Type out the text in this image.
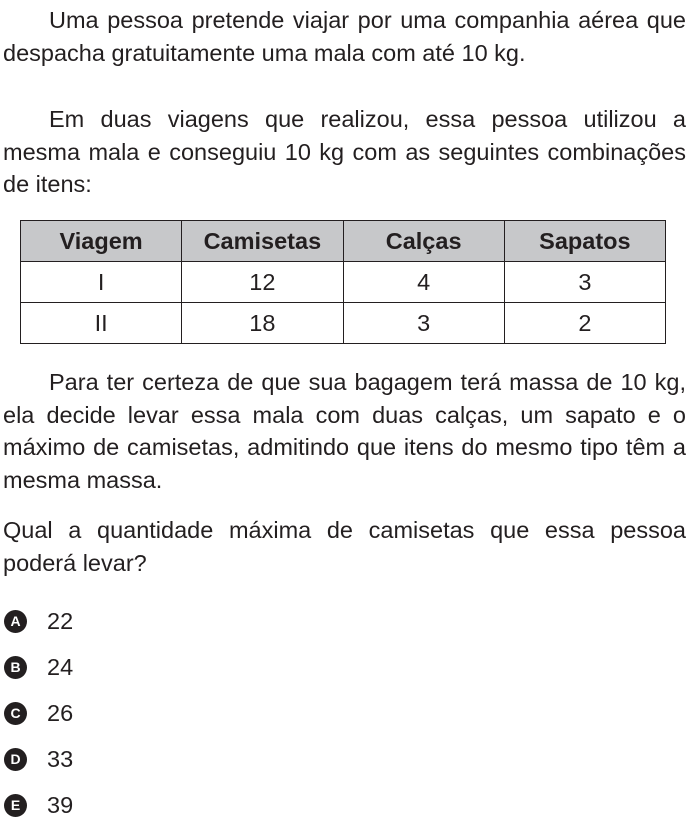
Uma pessoa pretende viajar por uma companhia aérea que despacha gratuitamente uma mala com até 10 kg.

Em duas viagens que realizou, essa pessoa utilizou a mesma mala e conseguiu 10 kg com as seguintes combinações de itens:

Viagem	Camisetas	Calças	Sapatos
I	12	4	3
II	18	3	2

Para ter certeza de que sua bagagem terá massa de 10 kg, ela decide levar essa mala com duas calças, um sapato e o máximo de camisetas, admitindo que itens do mesmo tipo têm a mesma massa.

Qual a quantidade máxima de camisetas que essa pessoa poderá levar?

A 22
B 24
C 26
D 33
E 39
